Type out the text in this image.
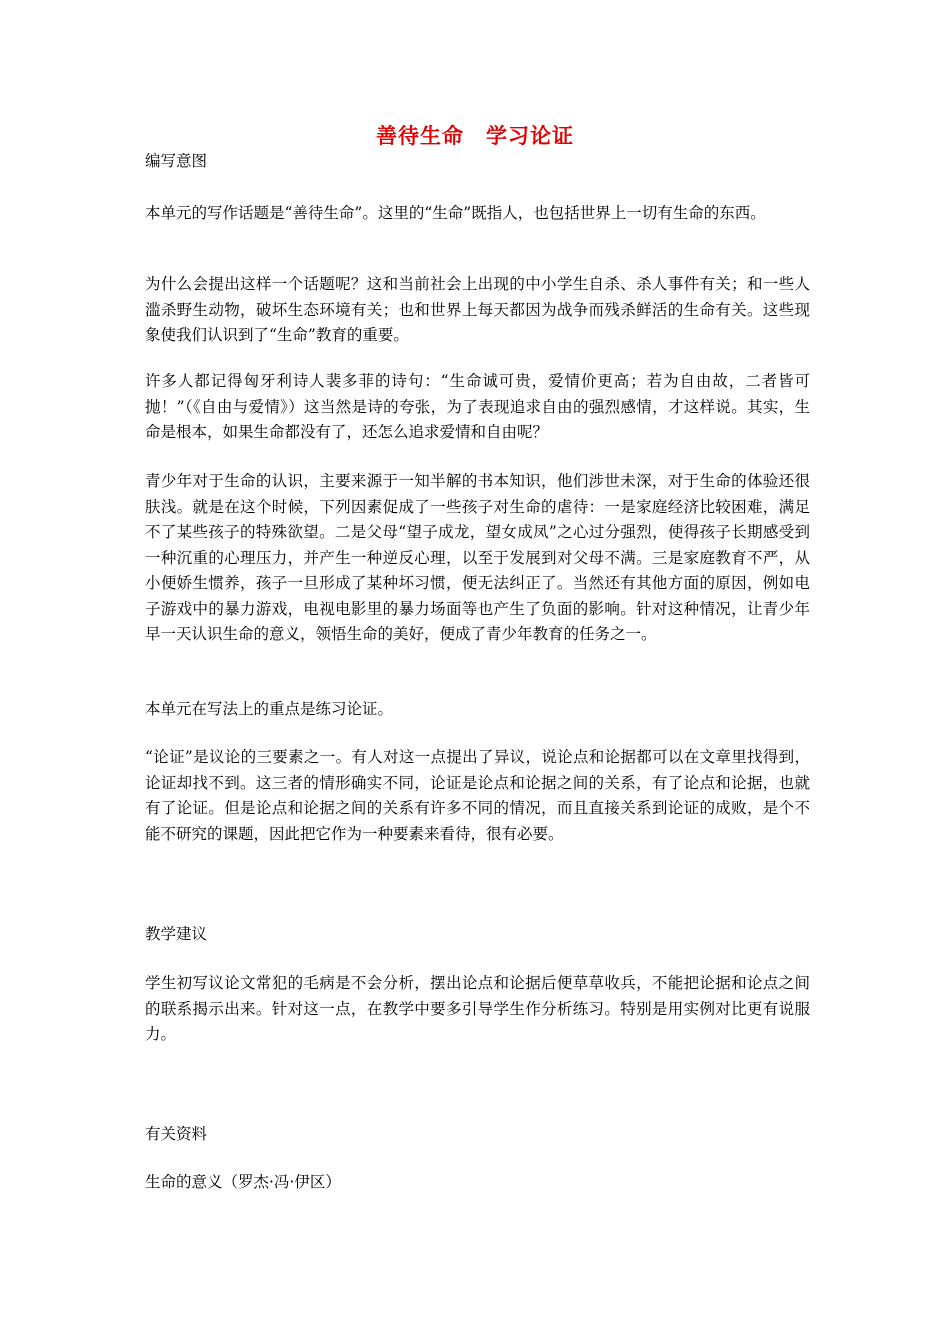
善待生命　学习论证

编写意图

本单元的写作话题是“善待生命”。这里的“生命”既指人，也包括世界上一切有生命的东西。

为什么会提出这样一个话题呢？这和当前社会上出现的中小学生自杀、杀人事件有关；和一些人滥杀野生动物，破坏生态环境有关；也和世界上每天都因为战争而残杀鲜活的生命有关。这些现象使我们认识到了“生命”教育的重要。

许多人都记得匈牙利诗人裴多菲的诗句：“生命诚可贵，爱情价更高；若为自由故，二者皆可抛！”（《自由与爱情》）这当然是诗的夸张，为了表现追求自由的强烈感情，才这样说。其实，生命是根本，如果生命都没有了，还怎么追求爱情和自由呢？

青少年对于生命的认识，主要来源于一知半解的书本知识，他们涉世未深，对于生命的体验还很肤浅。就是在这个时候，下列因素促成了一些孩子对生命的虐待：一是家庭经济比较困难，满足不了某些孩子的特殊欲望。二是父母“望子成龙，望女成凤”之心过分强烈，使得孩子长期感受到一种沉重的心理压力，并产生一种逆反心理，以至于发展到对父母不满。三是家庭教育不严，从小便娇生惯养，孩子一旦形成了某种坏习惯，便无法纠正了。当然还有其他方面的原因，例如电子游戏中的暴力游戏，电视电影里的暴力场面等也产生了负面的影响。针对这种情况，让青少年早一天认识生命的意义，领悟生命的美好，便成了青少年教育的任务之一。

本单元在写法上的重点是练习论证。

“论证”是议论的三要素之一。有人对这一点提出了异议，说论点和论据都可以在文章里找得到，论证却找不到。这三者的情形确实不同，论证是论点和论据之间的关系，有了论点和论据，也就有了论证。但是论点和论据之间的关系有许多不同的情况，而且直接关系到论证的成败，是个不能不研究的课题，因此把它作为一种要素来看待，很有必要。

教学建议

学生初写议论文常犯的毛病是不会分析，摆出论点和论据后便草草收兵，不能把论据和论点之间的联系揭示出来。针对这一点，在教学中要多引导学生作分析练习。特别是用实例对比更有说服力。

有关资料

生命的意义（罗杰·冯·伊区）
